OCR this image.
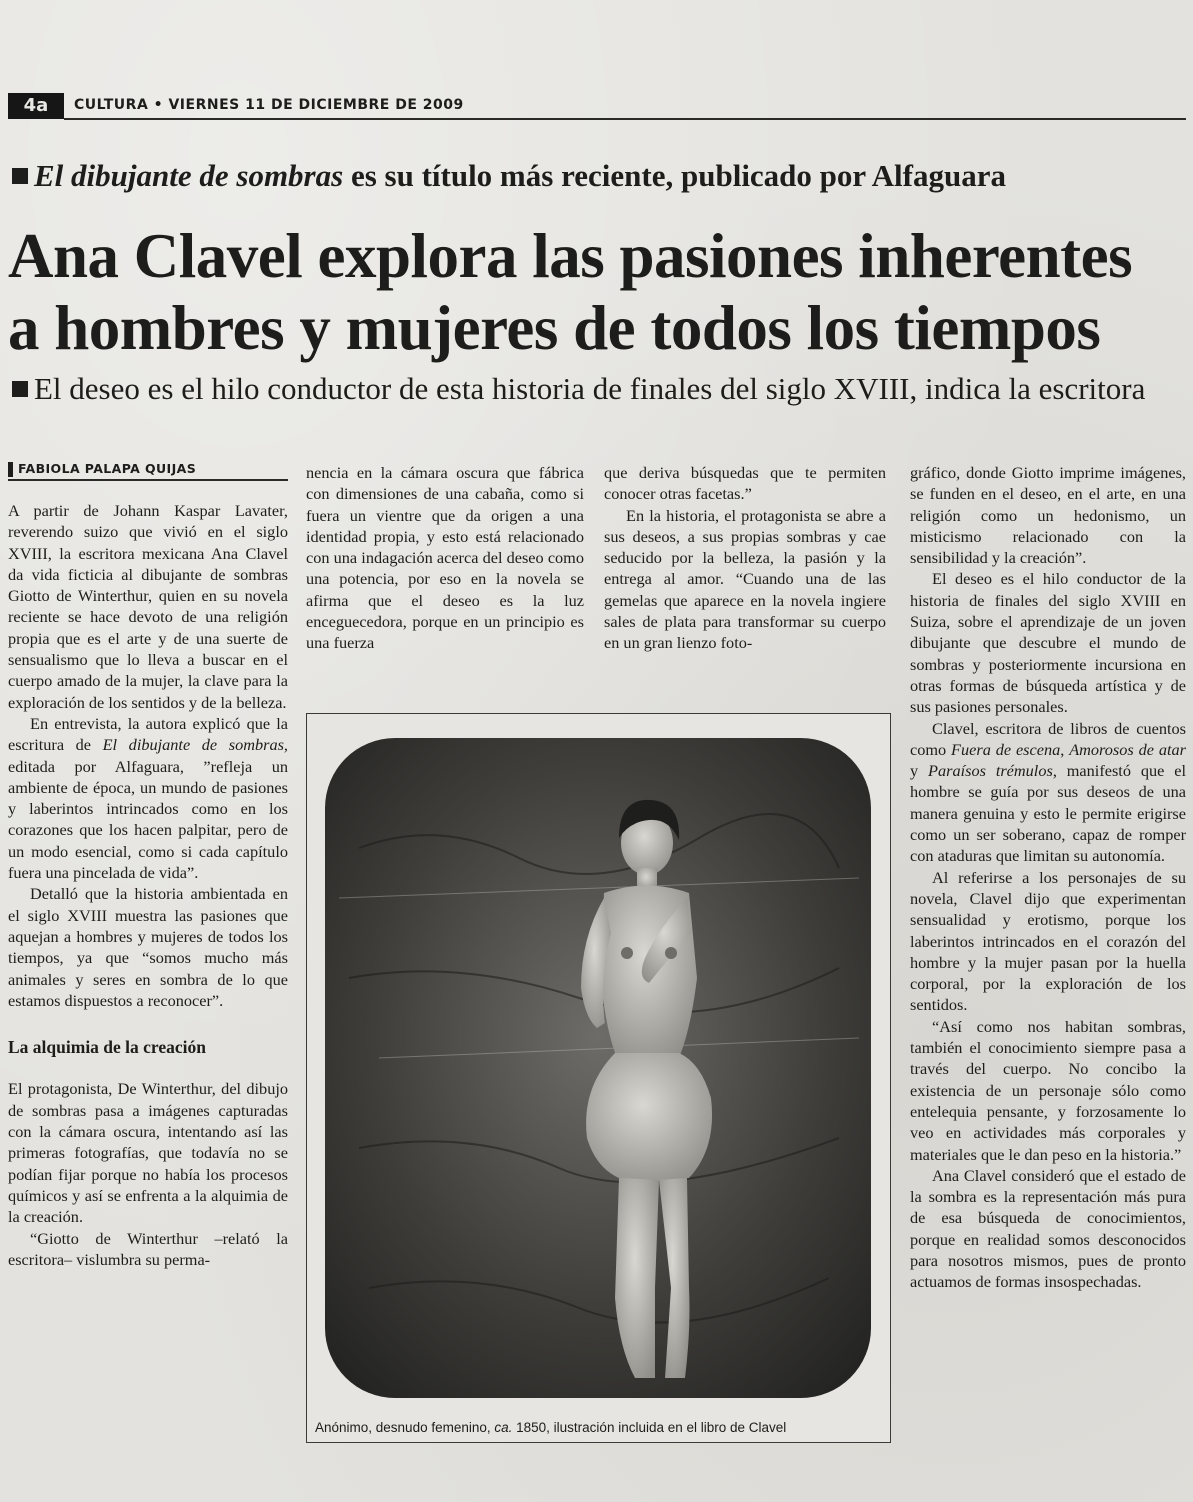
4a	CULTURA • VIERNES 11 DE DICIEMBRE DE 2009
El dibujante de sombras es su título más reciente, publicado por Alfaguara
Ana Clavel explora las pasiones inherentes
a hombres y mujeres de todos los tiempos
El deseo es el hilo conductor de esta historia de finales del siglo XVIII, indica la escritora
FABIOLA PALAPA QUIJAS

A partir de Johann Kaspar Lavater, reverendo suizo que vivió en el siglo XVIII, la escritora mexicana Ana Clavel da vida ficticia al dibujante de sombras Giotto de Winterthur, quien en su novela reciente se hace devoto de una religión propia que es el arte y de una suerte de sensualismo que lo lleva a buscar en el cuerpo amado de la mujer, la clave para la exploración de los sentidos y de la belleza.

En entrevista, la autora explicó que la escritura de El dibujante de sombras, editada por Alfaguara, ”refleja un ambiente de época, un mundo de pasiones y laberintos intrincados como en los corazones que los hacen palpitar, pero de un modo esencial, como si cada capítulo fuera una pincelada de vida”.

Detalló que la historia ambientada en el siglo XVIII muestra las pasiones que aquejan a hombres y mujeres de todos los tiempos, ya que “somos mucho más animales y seres en sombra de lo que estamos dispuestos a reconocer”.

La alquimia de la creación

El protagonista, De Winterthur, del dibujo de sombras pasa a imágenes capturadas con la cámara oscura, intentando así las primeras fotografías, que todavía no se podían fijar porque no había los procesos químicos y así se enfrenta a la alquimia de la creación.

“Giotto de Winterthur –relató la escritora– vislumbra su perma-

nencia en la cámara oscura que fábrica con dimensiones de una cabaña, como si fuera un vientre que da origen a una identidad propia, y esto está relacionado con una indagación acerca del deseo como una potencia, por eso en la novela se afirma que el deseo es la luz enceguecedora, porque en un principio es una fuerza

que deriva búsquedas que te permiten conocer otras facetas.”

En la historia, el protagonista se abre a sus deseos, a sus propias sombras y cae seducido por la belleza, la pasión y la entrega al amor. “Cuando una de las gemelas que aparece en la novela ingiere sales de plata para transformar su cuerpo en un gran lienzo foto-

gráfico, donde Giotto imprime imágenes, se funden en el deseo, en el arte, en una religión como un hedonismo, un misticismo relacionado con la sensibilidad y la creación”.

El deseo es el hilo conductor de la historia de finales del siglo XVIII en Suiza, sobre el aprendizaje de un joven dibujante que descubre el mundo de sombras y posteriormente incursiona en otras formas de búsqueda artística y de sus pasiones personales.

Clavel, escritora de libros de cuentos como Fuera de escena, Amorosos de atar y Paraísos trémulos, manifestó que el hombre se guía por sus deseos de una manera genuina y esto le permite erigirse como un ser soberano, capaz de romper con ataduras que limitan su autonomía.

Al referirse a los personajes de su novela, Clavel dijo que experimentan sensualidad y erotismo, porque los laberintos intrincados en el corazón del hombre y la mujer pasan por la huella corporal, por la exploración de los sentidos.

“Así como nos habitan sombras, también el conocimiento siempre pasa a través del cuerpo. No concibo la existencia de un personaje sólo como entelequia pensante, y forzosamente lo veo en actividades más corporales y materiales que le dan peso en la historia.”

Ana Clavel consideró que el estado de la sombra es la representación más pura de esa búsqueda de conocimientos, porque en realidad somos desconocidos para nosotros mismos, pues de pronto actuamos de formas insospechadas.

Anónimo, desnudo femenino, ca. 1850, ilustración incluida en el libro de Clavel
